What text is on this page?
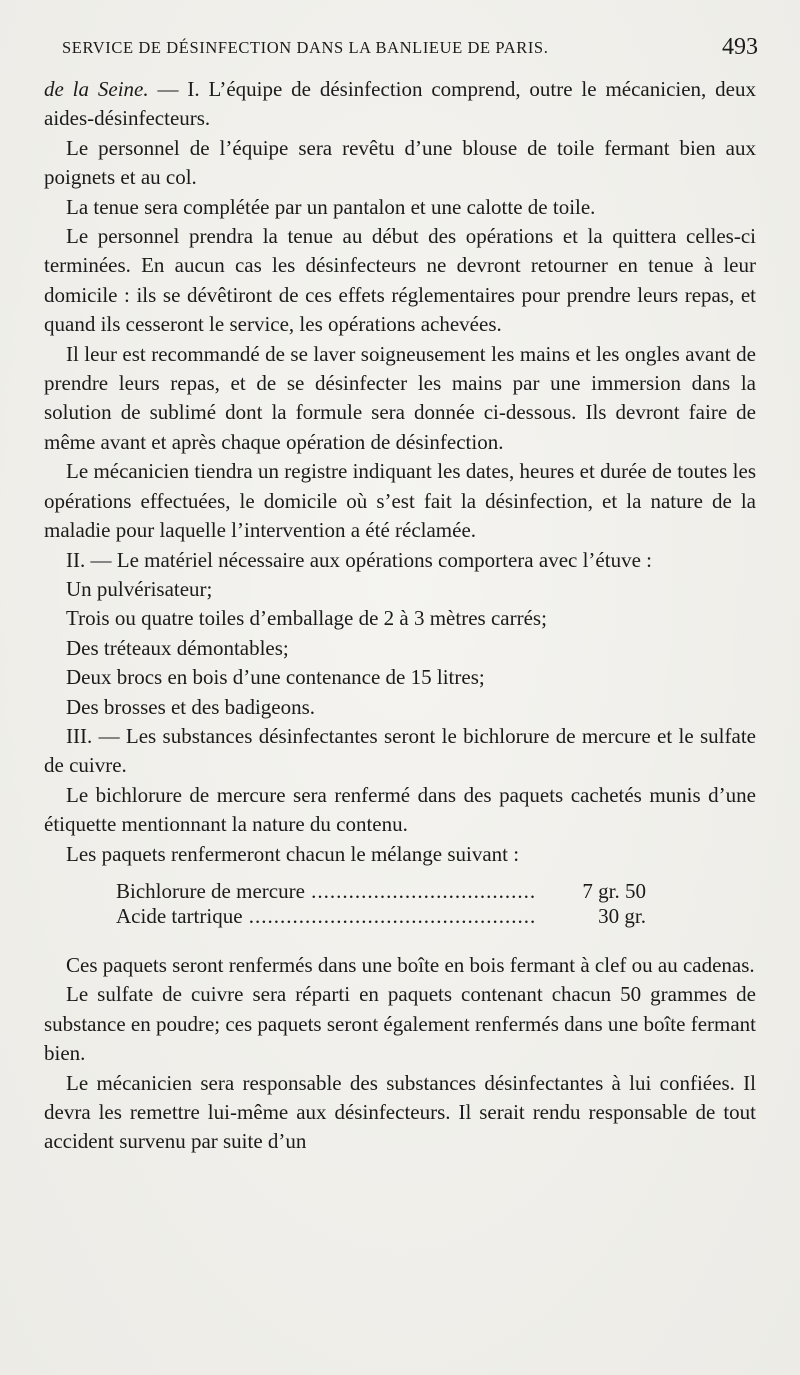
SERVICE DE DÉSINFECTION DANS LA BANLIEUE DE PARIS.	493

de la Seine. — I. L’équipe de désinfection comprend, outre le mécanicien, deux aides-désinfecteurs.

Le personnel de l’équipe sera revêtu d’une blouse de toile fermant bien aux poignets et au col.

La tenue sera complétée par un pantalon et une calotte de toile.

Le personnel prendra la tenue au début des opérations et la quittera celles-ci terminées. En aucun cas les désinfecteurs ne devront retourner en tenue à leur domicile : ils se dévêtiront de ces effets réglementaires pour prendre leurs repas, et quand ils cesseront le service, les opérations achevées.

Il leur est recommandé de se laver soigneusement les mains et les ongles avant de prendre leurs repas, et de se désinfecter les mains par une immersion dans la solution de sublimé dont la formule sera donnée ci-dessous. Ils devront faire de même avant et après chaque opération de désinfection.

Le mécanicien tiendra un registre indiquant les dates, heures et durée de toutes les opérations effectuées, le domicile où s’est fait la désinfection, et la nature de la maladie pour laquelle l’intervention a été réclamée.

II. — Le matériel nécessaire aux opérations comportera avec l’étuve :

Un pulvérisateur;

Trois ou quatre toiles d’emballage de 2 à 3 mètres carrés;

Des tréteaux démontables;

Deux brocs en bois d’une contenance de 15 litres;

Des brosses et des badigeons.

III. — Les substances désinfectantes seront le bichlorure de mercure et le sulfate de cuivre.

Le bichlorure de mercure sera renfermé dans des paquets cachetés munis d’une étiquette mentionnant la nature du contenu.

Les paquets renfermeront chacun le mélange suivant :

Bichlorure de mercure .....	7 gr. 50
Acide tartrique .....	30 gr.

Ces paquets seront renfermés dans une boîte en bois fermant à clef ou au cadenas.

Le sulfate de cuivre sera réparti en paquets contenant chacun 50 grammes de substance en poudre; ces paquets seront également renfermés dans une boîte fermant bien.

Le mécanicien sera responsable des substances désinfectantes à lui confiées. Il devra les remettre lui-même aux désinfecteurs. Il serait rendu responsable de tout accident survenu par suite d’un
